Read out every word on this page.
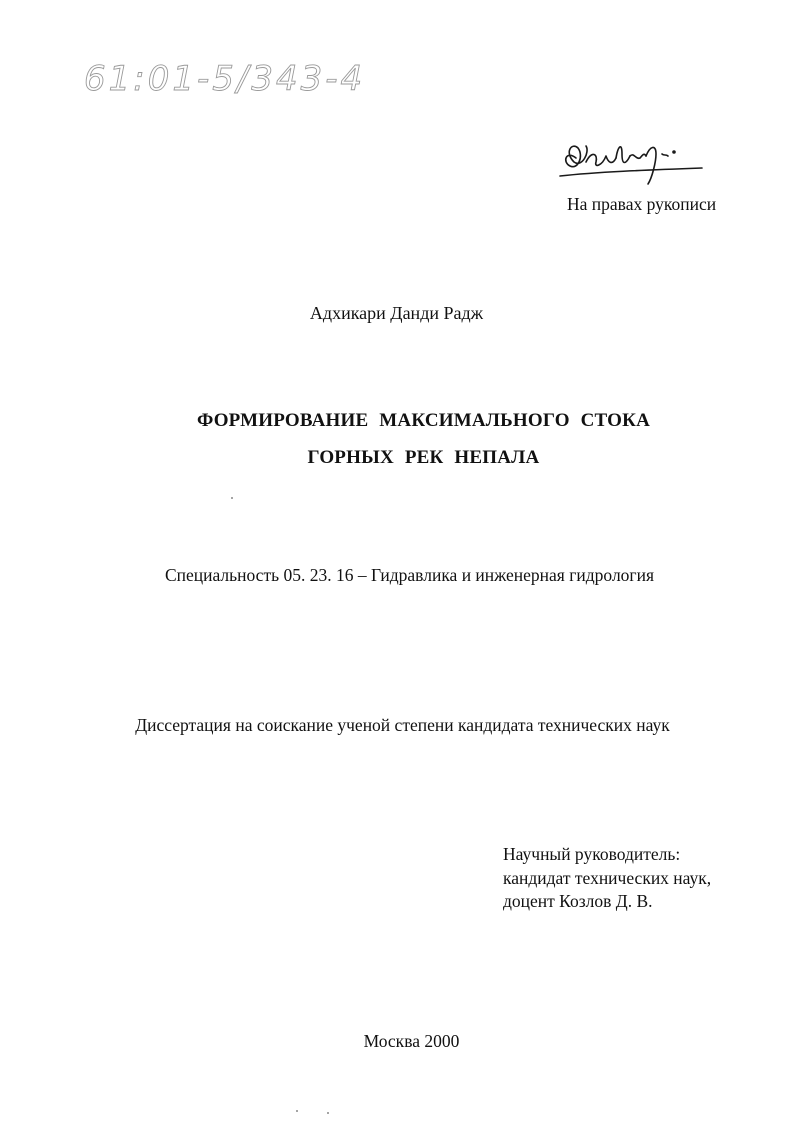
61:01-5/343-4
На правах рукописи
Адхикари Данди Радж
ФОРМИРОВАНИЕ МАКСИМАЛЬНОГО СТОКА
ГОРНЫХ РЕК НЕПАЛА
Специальность 05. 23. 16 – Гидравлика и инженерная гидрология
Диссертация на соискание ученой степени кандидата технических наук
Научный руководитель:
кандидат технических наук,
доцент Козлов Д. В.
Москва 2000
